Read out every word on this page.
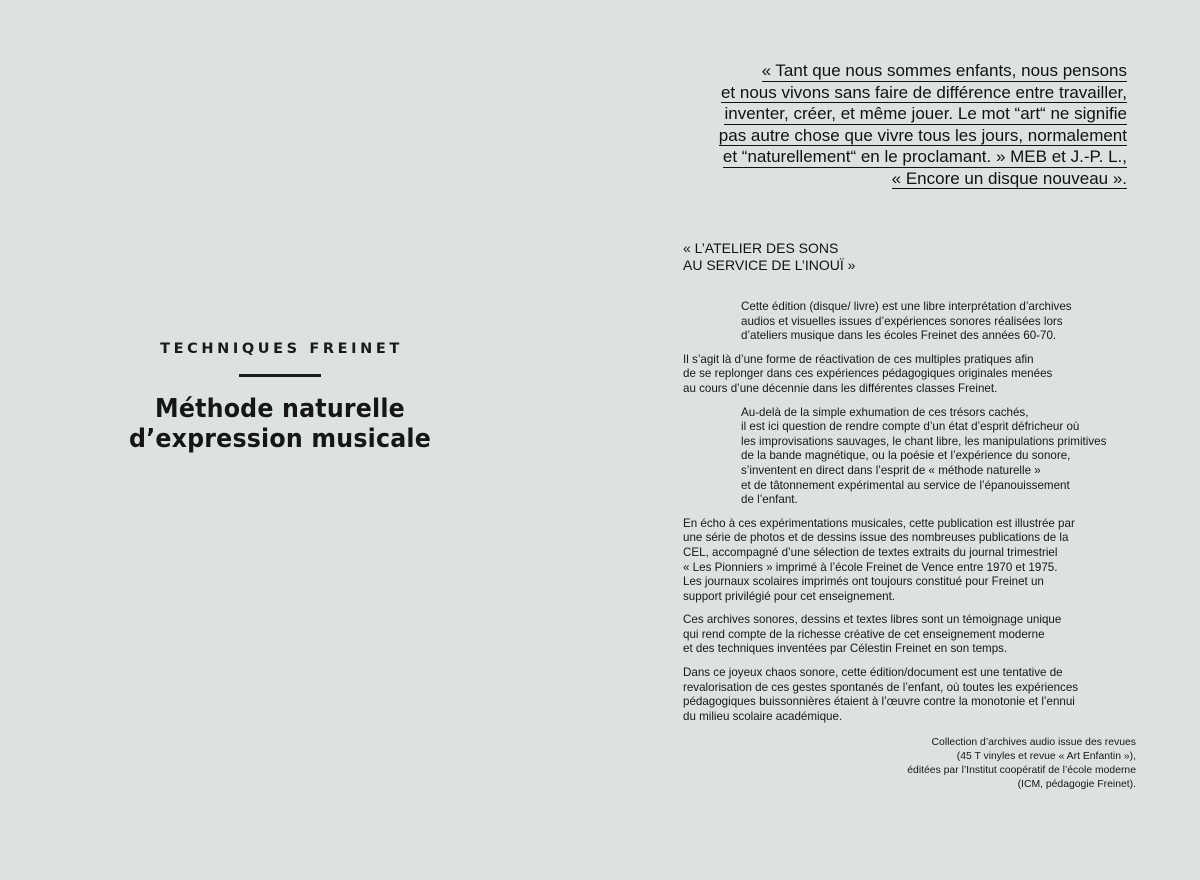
TECHNIQUES FREINET

Méthode naturelle
d’expression musicale
« Tant que nous sommes enfants, nous pensons
et nous vivons sans faire de différence entre travailler,
inventer, créer, et même jouer. Le mot “art“ ne signifie
pas autre chose que vivre tous les jours, normalement
et “naturellement“ en le proclamant. » MEB et J.-P. L.,
« Encore un disque nouveau ».
« L’ATELIER DES SONS
AU SERVICE DE L’INOUÏ »

Cette édition (disque/ livre) est une libre interprétation d’archives
audios et visuelles issues d’expériences sonores réalisées lors
d’ateliers musique dans les écoles Freinet des années 60-70.

Il s’agit là d’une forme de réactivation de ces multiples pratiques afin
de se replonger dans ces expériences pédagogiques originales menées
au cours d’une décennie dans les différentes classes Freinet.

Au-delà de la simple exhumation de ces trésors cachés,
il est ici question de rendre compte d’un état d’esprit défricheur où
les improvisations sauvages, le chant libre, les manipulations primitives
de la bande magnétique, ou la poésie et l’expérience du sonore,
s’inventent en direct dans l’esprit de « méthode naturelle »
et de tâtonnement expérimental au service de l’épanouissement
de l’enfant.

En écho à ces expérimentations musicales, cette publication est illustrée par
une série de photos et de dessins issue des nombreuses publications de la
CEL, accompagné d’une sélection de textes extraits du journal trimestriel
« Les Pionniers » imprimé à l’école Freinet de Vence entre 1970 et 1975.
Les journaux scolaires imprimés ont toujours constitué pour Freinet un
support privilégié pour cet enseignement.

Ces archives sonores, dessins et textes libres sont un témoignage unique
qui rend compte de la richesse créative de cet enseignement moderne
et des techniques inventées par Célestin Freinet en son temps.

Dans ce joyeux chaos sonore, cette édition/document est une tentative de
revalorisation de ces gestes spontanés de l’enfant, où toutes les expériences
pédagogiques buissonnières étaient à l’œuvre contre la monotonie et l’ennui
du milieu scolaire académique.

Collection d’archives audio issue des revues
(45 T vinyles et revue « Art Enfantin »),
éditées par l’Institut coopératif de l’école moderne
(ICM, pédagogie Freinet).
